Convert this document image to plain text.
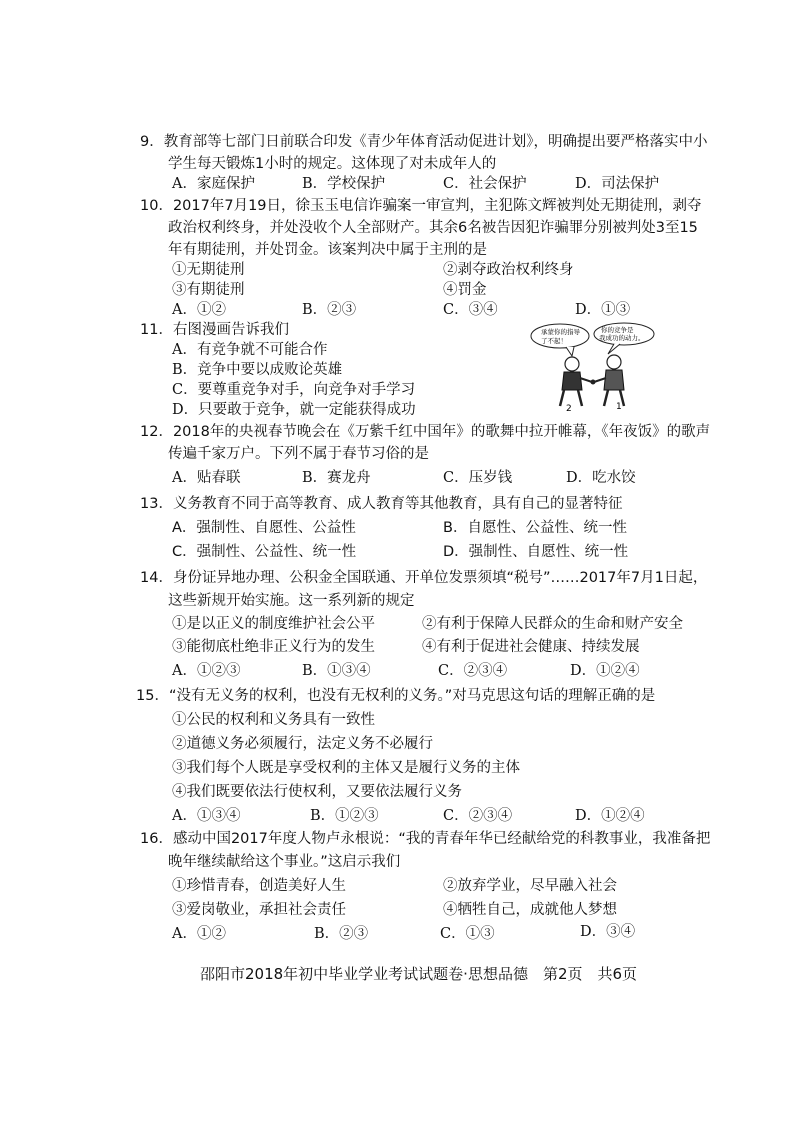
9．教育部等七部门日前联合印发《青少年体育活动促进计划》，明确提出要严格落实中小
学生每天锻炼1小时的规定。这体现了对未成年人的
A．家庭保护	B．学校保护	C．社会保护	D．司法保护
10．2017年7月19日，徐玉玉电信诈骗案一审宣判，主犯陈文辉被判处无期徒刑，剥夺
政治权利终身，并处没收个人全部财产。其余6名被告因犯诈骗罪分别被判处3至15
年有期徒刑，并处罚金。该案判决中属于主刑的是
①无期徒刑	②剥夺政治权利终身
③有期徒刑	④罚金
A．①②	B．②③	C．③④	D．①③
11．右图漫画告诉我们
A．有竞争就不可能合作
B．竞争中要以成败论英雄
C．要尊重竞争对手，向竞争对手学习
D．只要敢于竞争，就一定能获得成功
承蒙你的指导
了不起！
你的竞争是
我成功的动力。
2	1
12．2018年的央视春节晚会在《万紫千红中国年》的歌舞中拉开帷幕，《年夜饭》的歌声
传遍千家万户。下列不属于春节习俗的是
A．贴春联	B．赛龙舟	C．压岁钱	D．吃水饺
13．义务教育不同于高等教育、成人教育等其他教育，具有自己的显著特征
A．强制性、自愿性、公益性	B．自愿性、公益性、统一性
C．强制性、公益性、统一性	D．强制性、自愿性、统一性
14．身份证异地办理、公积金全国联通、开单位发票须填“税号”……2017年7月1日起，
这些新规开始实施。这一系列新的规定
①是以正义的制度维护社会公平	②有利于保障人民群众的生命和财产安全
③能彻底杜绝非正义行为的发生	④有利于促进社会健康、持续发展
A．①②③	B．①③④	C．②③④	D．①②④
15．“没有无义务的权利，也没有无权利的义务。”对马克思这句话的理解正确的是
①公民的权利和义务具有一致性
②道德义务必须履行，法定义务不必履行
③我们每个人既是享受权利的主体又是履行义务的主体
④我们既要依法行使权利，又要依法履行义务
A．①③④	B．①②③	C．②③④	D．①②④
16．感动中国2017年度人物卢永根说：“我的青春年华已经献给党的科教事业，我准备把
晚年继续献给这个事业。”这启示我们
①珍惜青春，创造美好人生	②放弃学业，尽早融入社会
③爱岗敬业，承担社会责任	④牺牲自己，成就他人梦想
A．①②	B．②③	C．①③	D．③④
邵阳市2018年初中毕业学业考试试题卷·思想品德　第2页　共6页
